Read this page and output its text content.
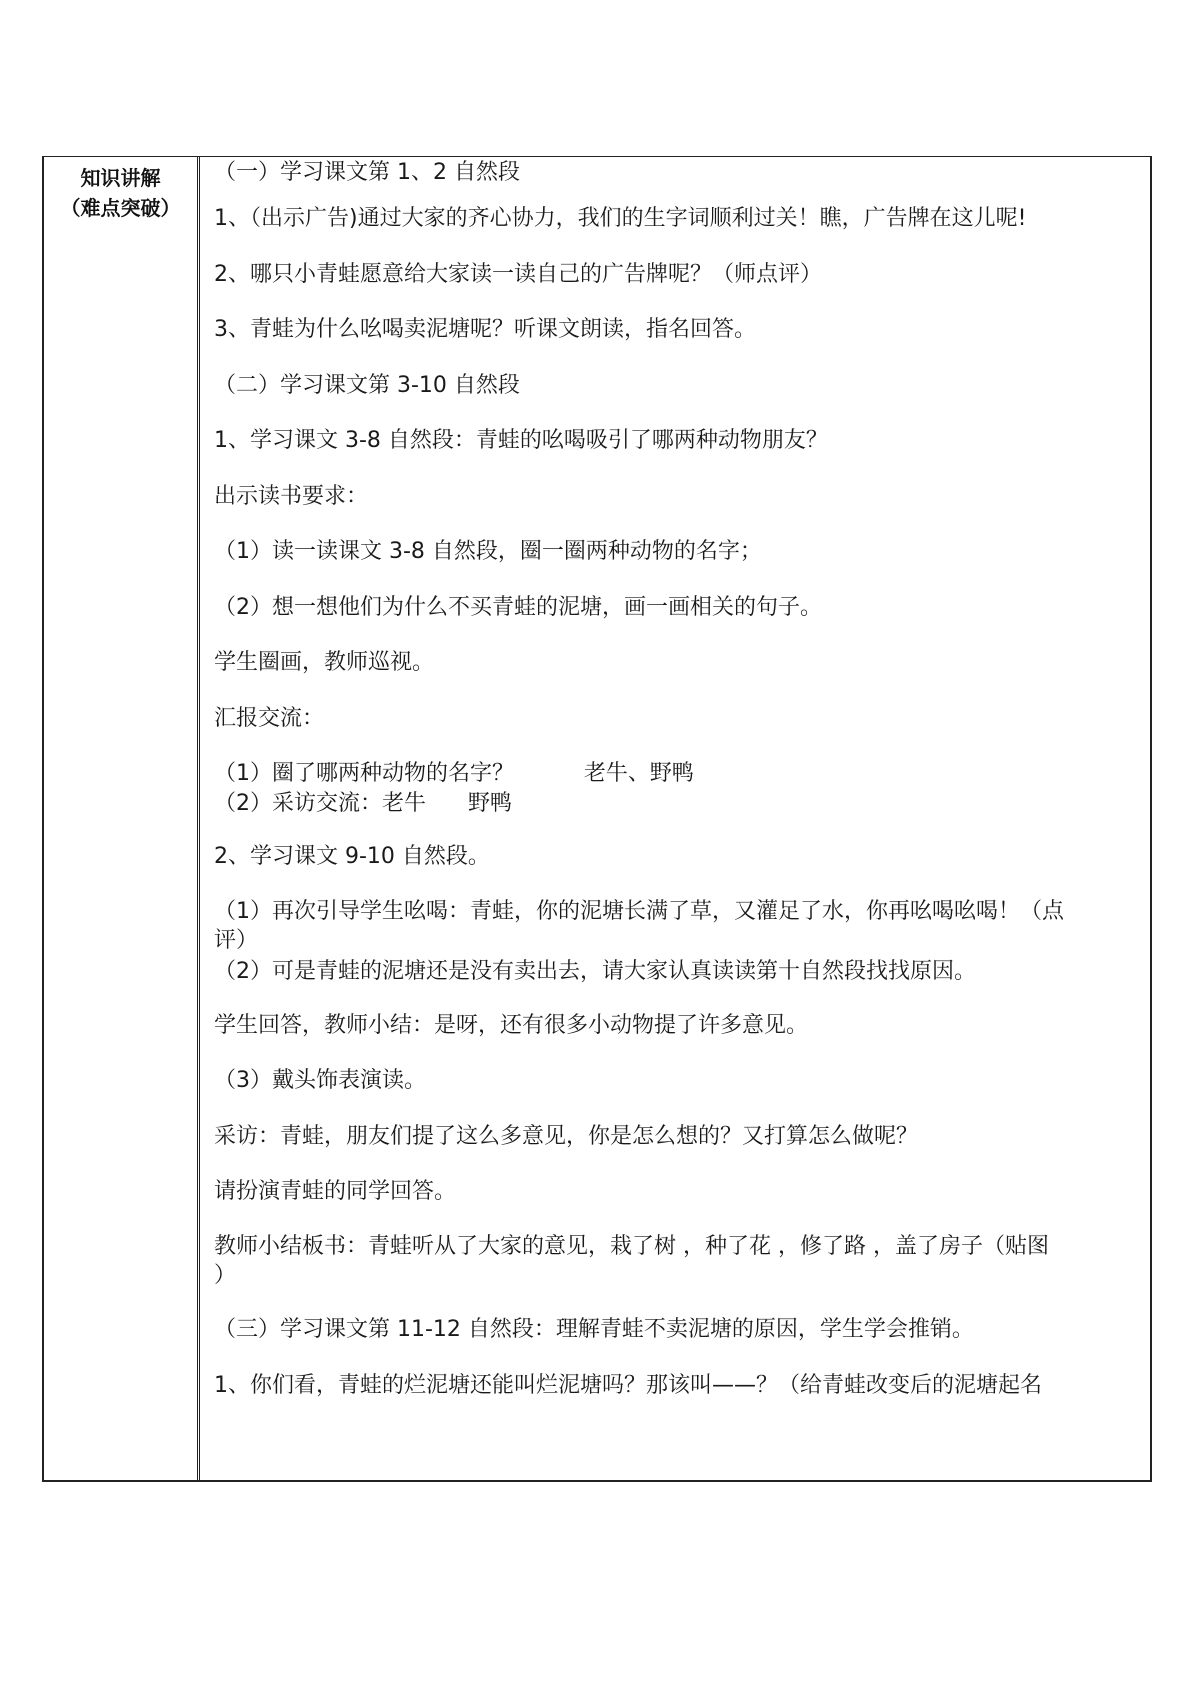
知识讲解
（难点突破）

（一）学习课文第 1、2 自然段

1、（出示广告)通过大家的齐心协力，我们的生字词顺利过关！瞧，广告牌在这儿呢!

2、哪只小青蛙愿意给大家读一读自己的广告牌呢？（师点评）

3、青蛙为什么吆喝卖泥塘呢？听课文朗读，指名回答。

（二）学习课文第 3-10 自然段

1、学习课文 3-8 自然段：青蛙的吆喝吸引了哪两种动物朋友？

出示读书要求：

（1）读一读课文 3-8 自然段，圈一圈两种动物的名字；

（2）想一想他们为什么不买青蛙的泥塘，画一画相关的句子。

学生圈画，教师巡视。

汇报交流：

（1）圈了哪两种动物的名字？          老牛、野鸭

（2）采访交流：老牛      野鸭

2、学习课文 9-10 自然段。

（1）再次引导学生吆喝：青蛙，你的泥塘长满了草，又灌足了水，你再吆喝吆喝！（点

评）

（2）可是青蛙的泥塘还是没有卖出去，请大家认真读读第十自然段找找原因。

学生回答，教师小结：是呀，还有很多小动物提了许多意见。

（3）戴头饰表演读。

采访：青蛙，朋友们提了这么多意见，你是怎么想的？又打算怎么做呢？

请扮演青蛙的同学回答。

教师小结板书：青蛙听从了大家的意见，栽了树 ，种了花 ，修了路 ，盖了房子（贴图

）

（三）学习课文第 11-12 自然段：理解青蛙不卖泥塘的原因，学生学会推销。

1、你们看，青蛙的烂泥塘还能叫烂泥塘吗？那该叫——？（给青蛙改变后的泥塘起名
